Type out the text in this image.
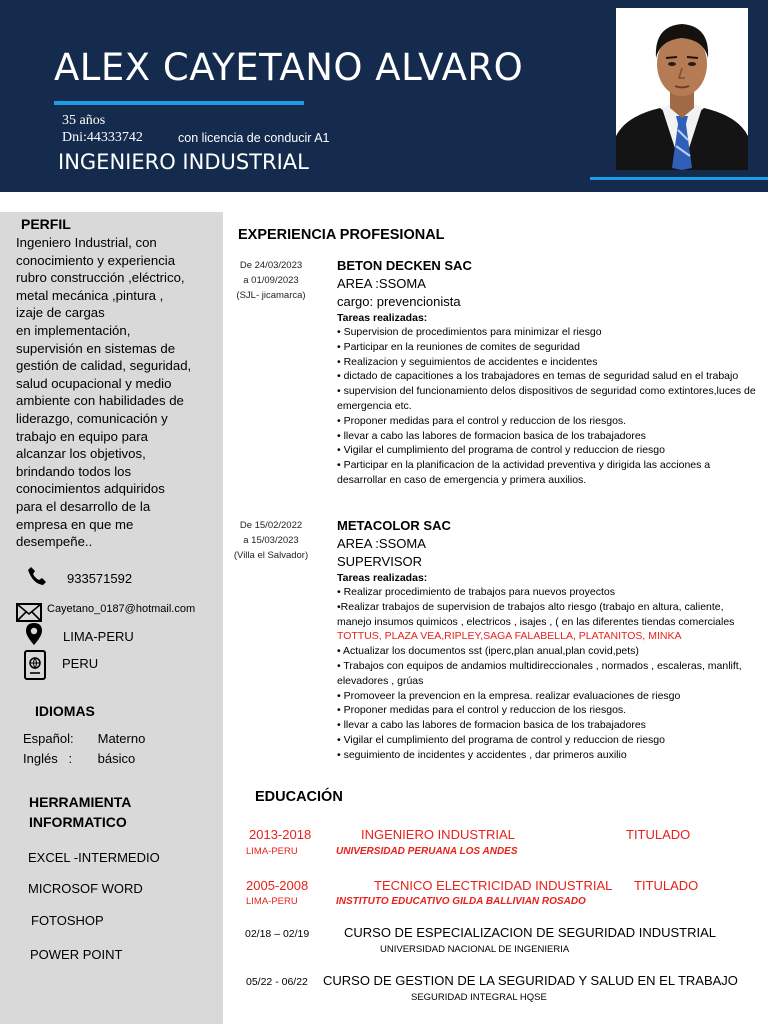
ALEX CAYETANO ALVARO
35 años
Dni:44333742	con licencia de conducir A1
INGENIERO INDUSTRIAL
PERFIL
Ingeniero Industrial, con
conocimiento y experiencia
rubro construcción ,eléctrico,
metal mecánica ,pintura ,
izaje de cargas
en implementación,
supervisión en sistemas de
gestión de calidad, seguridad,
salud ocupacional y medio
ambiente con habilidades de
liderazgo, comunicación y
trabajo en equipo para
alcanzar los objetivos,
brindando todos los
conocimientos adquiridos
para el desarrollo de la
empresa en que me
desempeñe..
933571592
Cayetano_0187@hotmail.com
LIMA-PERU
PERU
IDIOMAS
Español: Materno
Inglés   : básico
HERRAMIENTA
INFORMATICO
EXCEL -INTERMEDIO
MICROSOF WORD
FOTOSHOP
POWER POINT
EXPERIENCIA PROFESIONAL
De 24/03/2023
a 01/09/2023
(SJL- jicamarca)
BETON DECKEN SAC
AREA :SSOMA
cargo: prevencionista
Tareas realizadas:
• Supervision de procedimientos para minimizar el riesgo
• Participar en la reuniones de comites de seguridad
• Realizacion y seguimientos de accidentes e incidentes
• dictado de capacitiones a los trabajadores en temas de seguridad salud en el trabajo
• supervision del funcionamiento delos dispositivos de seguridad como extintores,luces de emergencia etc.
• Proponer medidas para el control y reduccion de los riesgos.
• llevar a cabo las labores de formacion basica de los trabajadores
• Vigilar el cumplimiento del programa de control y reduccion de riesgo
• Participar en la planificacion de la actividad preventiva y dirigida las acciones a desarrollar en caso de emergencia y primera auxilios.
De 15/02/2022
a 15/03/2023
(Villa el Salvador)
METACOLOR SAC
AREA :SSOMA
SUPERVISOR
Tareas realizadas:
• Realizar procedimiento de trabajos para nuevos proyectos
•Realizar trabajos de supervision de trabajos alto riesgo (trabajo en altura, caliente, manejo insumos quimicos , electricos , isajes , ( en las diferentes tiendas comerciales TOTTUS, PLAZA VEA,RIPLEY,SAGA FALABELLA, PLATANITOS, MINKA
• Actualizar los documentos sst (iperc,plan anual,plan covid,pets)
• Trabajos con equipos de andamios multidireccionales , normados , escaleras, manlift, elevadores , grúas
• Promoveer la prevencion en la empresa. realizar evaluaciones de riesgo
• Proponer medidas para el control y reduccion de los riesgos.
• llevar a cabo las labores de formacion basica de los trabajadores
• Vigilar el cumplimiento del programa de control y reduccion de riesgo
• seguimiento de incidentes y accidentes , dar primeros auxilio
EDUCACIÓN
2013-2018	INGENIERO INDUSTRIAL	TITULADO
LIMA-PERU	UNIVERSIDAD PERUANA LOS ANDES
2005-2008	TECNICO ELECTRICIDAD INDUSTRIAL TITULADO
LIMA-PERU	INSTITUTO EDUCATIVO GILDA BALLIVIAN ROSADO
02/18 – 02/19	CURSO DE ESPECIALIZACION DE SEGURIDAD INDUSTRIAL
UNIVERSIDAD NACIONAL DE INGENIERIA
05/22 - 06/22 CURSO DE GESTION DE LA SEGURIDAD Y SALUD EN EL TRABAJO
SEGURIDAD INTEGRAL HQSE
